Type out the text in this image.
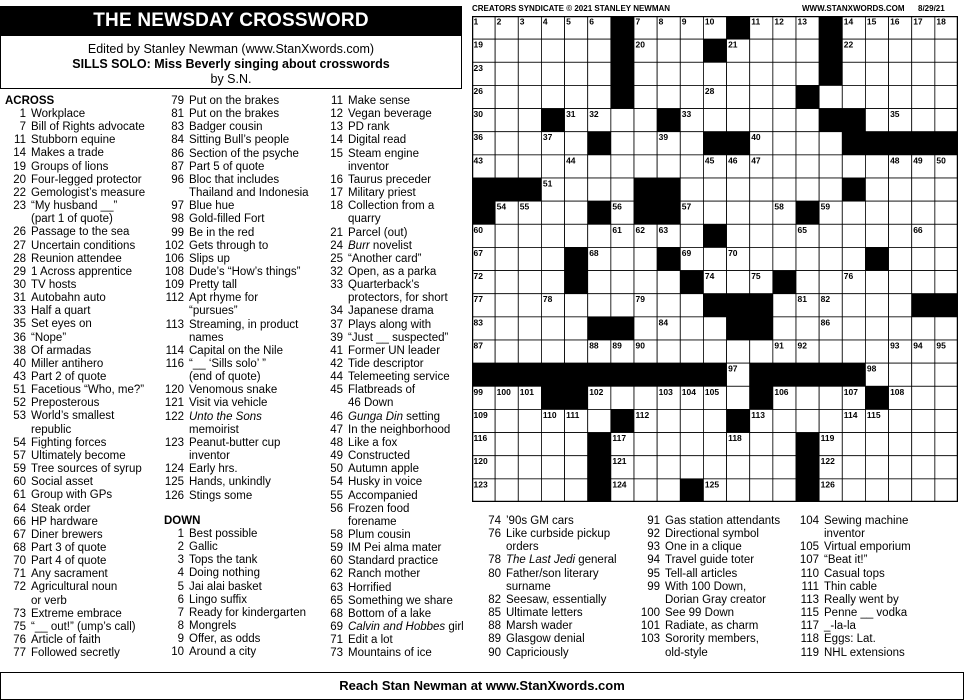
THE NEWSDAY CROSSWORD
Edited by Stanley Newman (www.StanXwords.com)
SILLS SOLO: Miss Beverly singing about crosswords
by S.N.
CREATORS SYNDICATE © 2021 STANLEY NEWMAN	WWW.STANXWORDS.COM 8/29/21
1 2 3 4 5 6	7 8 9 10	11 12 13	14 15 16 17 18
19	20	21	22
23	24	25
26	27	28	29
30	31 32	33	34	35
36	37	38	39	40	41 42
43	44	45 46 47	48 49 50
51	52	53
54 55	56	57	58	59
60	61 62 63	64	65	66
67	68	69	70	71
72	73	74	75	76
77	78	79	80	81 82
83	84	85	86
87	88 89 90	91 92	93 94 95
96	97	98
99 100 101	102	103 104 105	106	107	108
109	110 111	112	113	114 115
116	117	118	119
120	121	122
123	124	125	126
ACROSS
1 Workplace
7 Bill of Rights advocate
11 Stubborn equine
14 Makes a trade
19 Groups of lions
20 Four-legged protector
22 Gemologist’s measure
23 “My husband __”
(part 1 of quote)
26 Passage to the sea
27 Uncertain conditions
28 Reunion attendee
29 1 Across apprentice
30 TV hosts
31 Autobahn auto
33 Half a quart
35 Set eyes on
36 “Nope”
38 Of armadas
40 Miller antihero
43 Part 2 of quote
51 Facetious “Who, me?”
52 Preposterous
53 World’s smallest
republic
54 Fighting forces
57 Ultimately become
59 Tree sources of syrup
60 Social asset
61 Group with GPs
64 Steak order
66 HP hardware
67 Diner brewers
68 Part 3 of quote
70 Part 4 of quote
71 Any sacrament
72 Agricultural noun
or verb
73 Extreme embrace
75 “__ out!” (ump’s call)
76 Article of faith
77 Followed secretly
79 Put on the brakes
81 Put on the brakes
83 Badger cousin
84 Sitting Bull’s people
86 Section of the psyche
87 Part 5 of quote
96 Bloc that includes
Thailand and Indonesia
97 Blue hue
98 Gold-filled Fort
99 Be in the red
102 Gets through to
106 Slips up
108 Dude’s “How’s things”
109 Pretty tall
112 Apt rhyme for
“pursues”
113 Streaming, in product
names
114 Capital on the Nile
116 “__ ‘Sills solo’ ”
(end of quote)
120 Venomous snake
121 Visit via vehicle
122 Unto the Sons
memoirist
123 Peanut-butter cup
inventor
124 Early hrs.
125 Hands, unkindly
126 Stings some
DOWN
1 Best possible
2 Gallic
3 Tops the tank
4 Doing nothing
5 Jai alai basket
6 Lingo suffix
7 Ready for kindergarten
8 Mongrels
9 Offer, as odds
10 Around a city
11 Make sense
12 Vegan beverage
13 PD rank
14 Digital read
15 Steam engine
inventor
16 Taurus preceder
17 Military priest
18 Collection from a
quarry
21 Parcel (out)
24 Burr novelist
25 “Another card”
32 Open, as a parka
33 Quarterback’s
protectors, for short
34 Japanese drama
37 Plays along with
39 “Just __ suspected”
41 Former UN leader
42 Tide descriptor
44 Telemeeting service
45 Flatbreads of
46 Down
46 Gunga Din setting
47 In the neighborhood
48 Like a fox
49 Constructed
50 Autumn apple
54 Husky in voice
55 Accompanied
56 Frozen food
forename
58 Plum cousin
59 IM Pei alma mater
60 Standard practice
62 Ranch mother
63 Horrified
65 Something we share
68 Bottom of a lake
69 Calvin and Hobbes girl
71 Edit a lot
73 Mountains of ice
74 ’90s GM cars
76 Like curbside pickup
orders
78 The Last Jedi general
80 Father/son literary
surname
82 Seesaw, essentially
85 Ultimate letters
88 Marsh wader
89 Glasgow denial
90 Capriciously
91 Gas station attendants
92 Directional symbol
93 One in a clique
94 Travel guide toter
95 Tell-all articles
99 With 100 Down,
Dorian Gray creator
100 See 99 Down
101 Radiate, as charm
103 Sorority members,
old-style
104 Sewing machine
inventor
105 Virtual emporium
107 “Beat it!”
110 Casual tops
111 Thin cable
113 Really went by
115 Penne __ vodka
117 _-la-la
118 Eggs: Lat.
119 NHL extensions
Reach Stan Newman at www.StanXwords.com
